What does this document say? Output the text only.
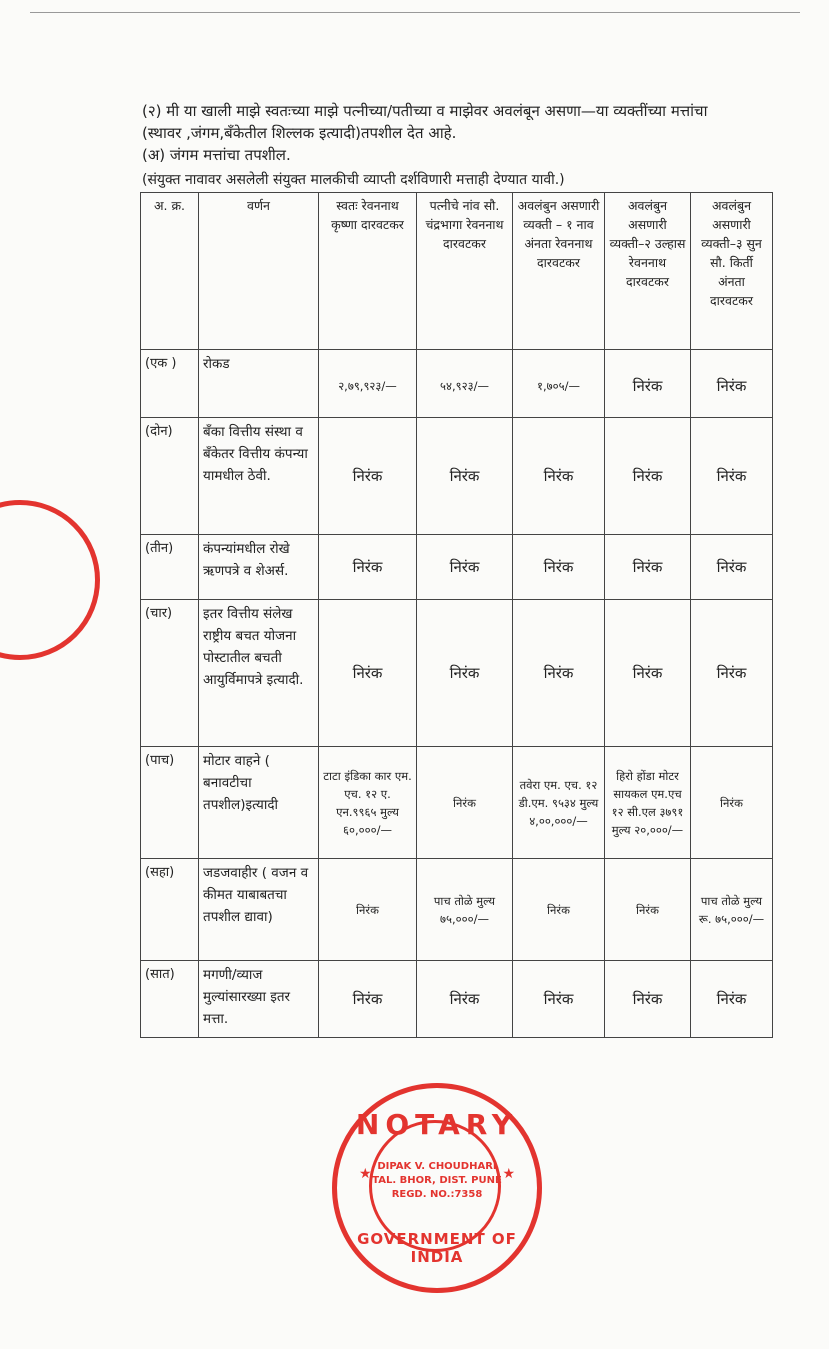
(२) मी या खाली माझे स्वतःच्या माझे पत्नीच्या/पतीच्या व माझेवर अवलंबून असणा—या व्यक्तींच्या मत्तांचा (स्थावर ,जंगम,बँकेतील शिल्लक इत्यादी)तपशील देत आहे.

(अ) जंगम मत्तांचा तपशील.

(संयुक्त नावावर असलेली संयुक्त मालकीची व्याप्ती दर्शविणारी मत्ताही देण्यात यावी.)
अ. क्र.	वर्णन	स्वतः रेवननाथ कृष्णा दारवटकर	पत्नीचे नांव सौ. चंद्रभागा रेवननाथ दारवटकर	अवलंबुन असणारी व्यक्ती – १ नाव अंनता रेवननाथ दारवटकर	अवलंबुन असणारी व्यक्ती–२ उल्हास रेवननाथ दारवटकर	अवलंबुन असणारी व्यक्ती–३ सुन सौ. किर्ती अंनता दारवटकर
(एक )	रोकड	२,७९,९२३/—	५४,९२३/—	१,७०५/—	निरंक	निरंक
(दोन)	बँका वित्तीय संस्था व बँकेतर वित्तीय कंपन्या यामधील ठेवी.	निरंक	निरंक	निरंक	निरंक	निरंक
(तीन)	कंपन्यांमधील रोखे ऋणपत्रे व शेअर्स.	निरंक	निरंक	निरंक	निरंक	निरंक
(चार)	इतर वित्तीय संलेख राष्ट्रीय बचत योजना पोस्टातील बचती आयुर्विमापत्रे इत्यादी.	निरंक	निरंक	निरंक	निरंक	निरंक
(पाच)	मोटार वाहने ( बनावटीचा तपशील)इत्यादी	टाटा इंडिका कार एम. एच. १२ ए. एन.९९६५ मुल्य ६०,०००/—	निरंक	तवेरा एम. एच. १२ डी.एम. ९५३४ मुल्य ४,००,०००/—	हिरो होंडा मोटर सायकल एम.एच १२ सी.एल ३७९१ मुल्य २०,०००/—	निरंक
(सहा)	जडजवाहीर ( वजन व कीमत याबाबतचा तपशील द्यावा)	निरंक	पाच तोळे मुल्य ७५,०००/—	निरंक	निरंक	पाच तोळे मुल्य रू. ७५,०००/—
(सात)	मगणी/व्याज मुल्यांसारख्या इतर मत्ता.	निरंक	निरंक	निरंक	निरंक	निरंक
NOTARY
★	★
DIPAK V. CHOUDHARI
TAL. BHOR, DIST. PUNE
REGD. NO.:7358
GOVERNMENT OF INDIA
